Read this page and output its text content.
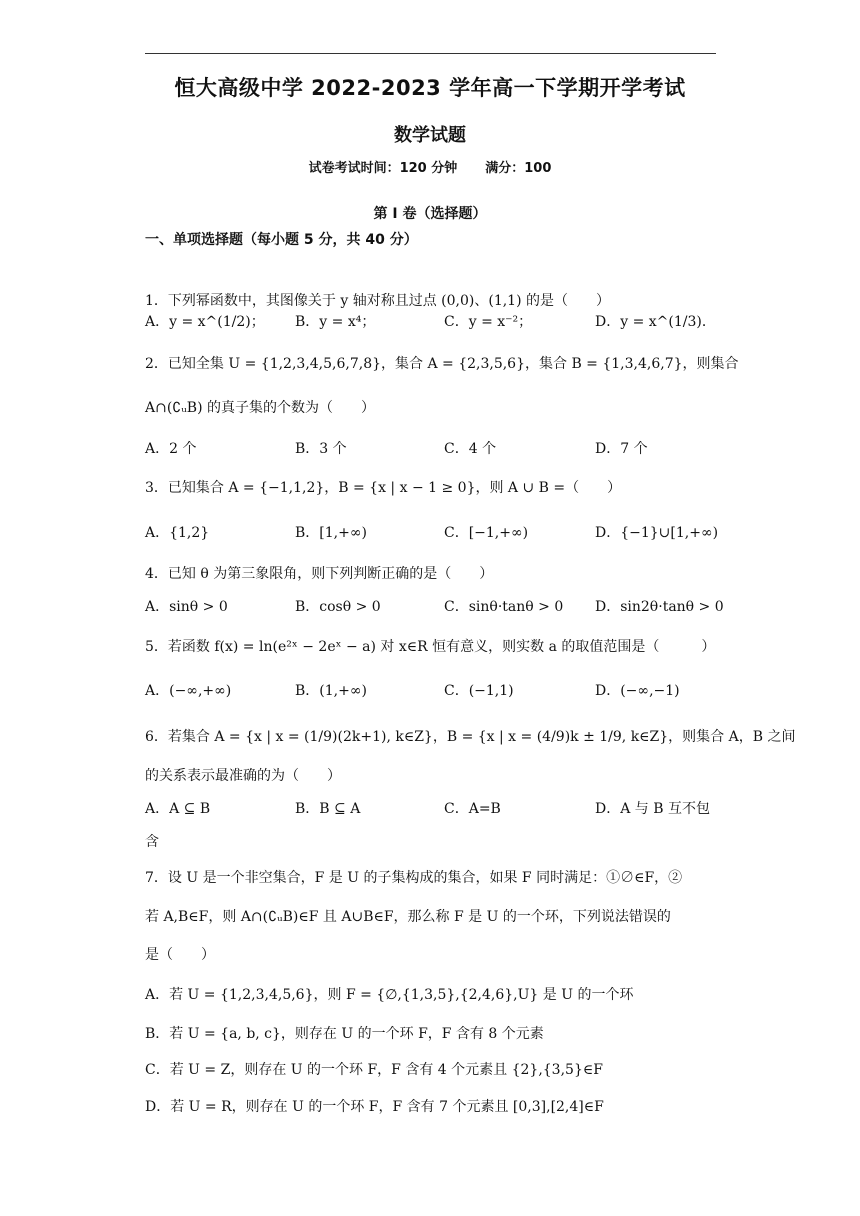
恒大高级中学 2022-2023 学年高一下学期开学考试
数学试题
试卷考试时间：120 分钟 满分：100
第 I 卷（选择题）
一、单项选择题（每小题 5 分，共 40 分）
1．下列幂函数中，其图像关于 y 轴对称且过点 (0,0)、(1,1) 的是（　　）
A．y = x^(1/2)； B．y = x⁴；	C．y = x⁻²；	D．y = x^(1/3)．
2．已知全集 U = {1,2,3,4,5,6,7,8}，集合 A = {2,3,5,6}，集合 B = {1,3,4,6,7}，则集合
A∩(∁ᵤB) 的真子集的个数为（　　）
A．2 个	B．3 个	C．4 个	D．7 个
3．已知集合 A = {−1,1,2}，B = {x | x − 1 ≥ 0}，则 A ∪ B =（　　）
A．{1,2}	B．[1,+∞)	C．[−1,+∞)	D．{−1}∪[1,+∞)
4．已知 θ 为第三象限角，则下列判断正确的是（　　）
A．sinθ > 0	B．cosθ > 0	C．sinθ·tanθ > 0 D．sin2θ·tanθ > 0
5．若函数 f(x) = ln(e²ˣ − 2eˣ − a) 对 x∈R 恒有意义，则实数 a 的取值范围是（　　　）
A．(−∞,+∞)	B．(1,+∞)	C．(−1,1)	D．(−∞,−1)
6．若集合 A = {x | x = (1/9)(2k+1), k∈Z}，B = {x | x = (4/9)k ± 1/9, k∈Z}，则集合 A，B 之间
的关系表示最准确的为（　　）
A．A ⊆ B	B．B ⊆ A	C．A=B	D．A 与 B 互不包
含
7．设 U 是一个非空集合，F 是 U 的子集构成的集合，如果 F 同时满足：①∅∈F，②
若 A,B∈F，则 A∩(∁ᵤB)∈F 且 A∪B∈F，那么称 F 是 U 的一个环，下列说法错误的
是（　　）
A．若 U = {1,2,3,4,5,6}，则 F = {∅,{1,3,5},{2,4,6},U} 是 U 的一个环
B．若 U = {a, b, c}，则存在 U 的一个环 F，F 含有 8 个元素
C．若 U = Z，则存在 U 的一个环 F，F 含有 4 个元素且 {2},{3,5}∈F
D．若 U = R，则存在 U 的一个环 F，F 含有 7 个元素且 [0,3],[2,4]∈F
